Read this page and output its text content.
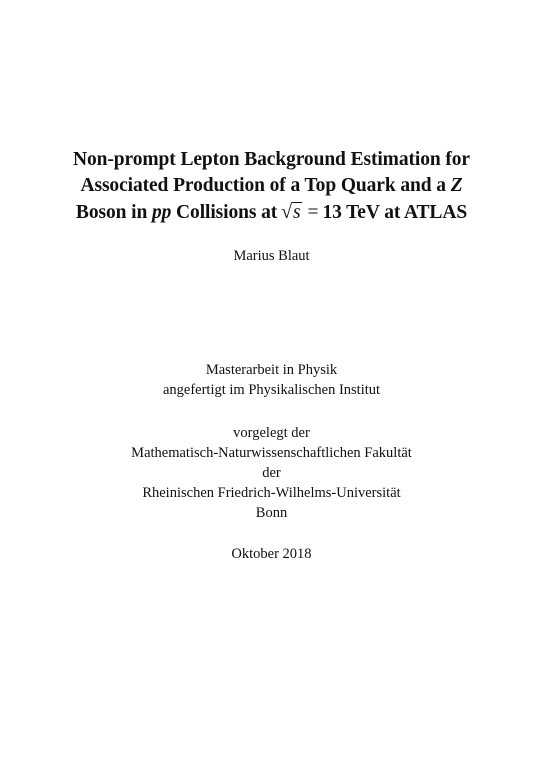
Non-prompt Lepton Background Estimation for
Associated Production of a Top Quark and a Z
Boson in pp Collisions at √s = 13 TeV at ATLAS
Marius Blaut
Masterarbeit in Physik
angefertigt im Physikalischen Institut
vorgelegt der
Mathematisch-Naturwissenschaftlichen Fakultät
der
Rheinischen Friedrich-Wilhelms-Universität
Bonn
Oktober 2018
